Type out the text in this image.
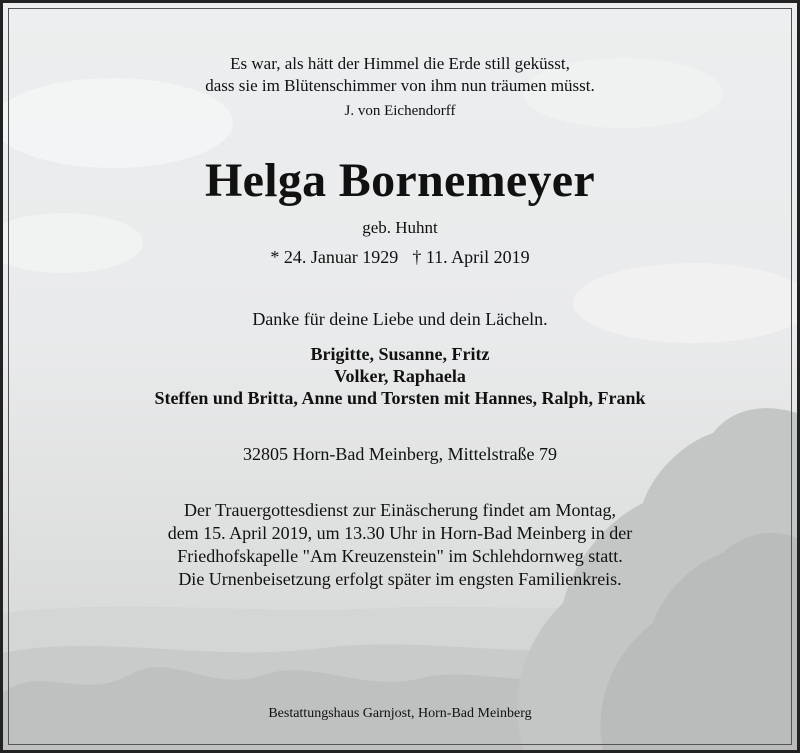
Es war, als hätt der Himmel die Erde still geküsst,
dass sie im Blütenschimmer von ihm nun träumen müsst.
J. von Eichendorff
Helga Bornemeyer
geb. Huhnt
* 24. Januar 1929 † 11. April 2019
Danke für deine Liebe und dein Lächeln.
Brigitte, Susanne, Fritz
Volker, Raphaela
Steffen und Britta, Anne und Torsten mit Hannes, Ralph, Frank
32805 Horn-Bad Meinberg, Mittelstraße 79
Der Trauergottesdienst zur Einäscherung findet am Montag,
dem 15. April 2019, um 13.30 Uhr in Horn-Bad Meinberg in der
Friedhofskapelle "Am Kreuzenstein" im Schlehdornweg statt.
Die Urnenbeisetzung erfolgt später im engsten Familienkreis.
Bestattungshaus Garnjost, Horn-Bad Meinberg
